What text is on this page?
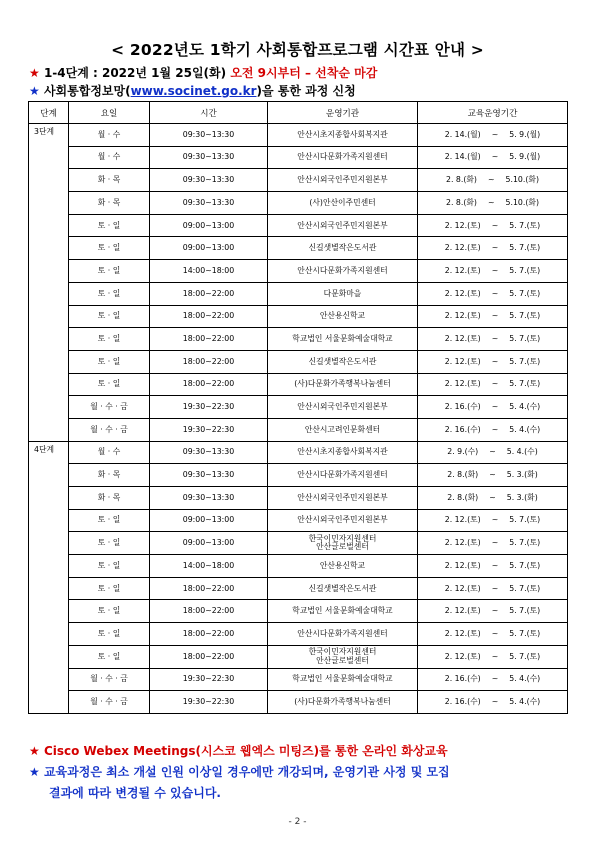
< 2022년도 1학기 사회통합프로그램 시간표 안내 >
★ 1-4단계 : 2022년 1월 25일(화) 오전 9시부터 – 선착순 마감
★ 사회통합정보망(www.socinet.go.kr)을 통한 과정 신청
단계	요일	시간	운영기관	교육운영기간
3단계	월 · 수	09:30~13:30	안산시초지종합사회복지관	2. 14.(월) ~ 5. 9.(월)
	월 · 수	09:30~13:30	안산시다문화가족지원센터	2. 14.(월) ~ 5. 9.(월)
	화 · 목	09:30~13:30	안산시외국인주민지원본부	2. 8.(화) ~ 5.10.(화)
	화 · 목	09:30~13:30	(사)안산이주민센터	2. 8.(화) ~ 5.10.(화)
	토 · 일	09:00~13:00	안산시외국인주민지원본부	2. 12.(토) ~ 5. 7.(토)
	토 · 일	09:00~13:00	신길샛별작은도서관	2. 12.(토) ~ 5. 7.(토)
	토 · 일	14:00~18:00	안산시다문화가족지원센터	2. 12.(토) ~ 5. 7.(토)
	토 · 일	18:00~22:00	다문화마을	2. 12.(토) ~ 5. 7.(토)
	토 · 일	18:00~22:00	안산용신학교	2. 12.(토) ~ 5. 7.(토)
	토 · 일	18:00~22:00	학교법인 서울문화예술대학교	2. 12.(토) ~ 5. 7.(토)
	토 · 일	18:00~22:00	신길샛별작은도서관	2. 12.(토) ~ 5. 7.(토)
	토 · 일	18:00~22:00	(사)다문화가족행복나눔센터	2. 12.(토) ~ 5. 7.(토)
	월 · 수 · 금	19:30~22:30	안산시외국인주민지원본부	2. 16.(수) ~ 5. 4.(수)
	월 · 수 · 금	19:30~22:30	안산시고려인문화센터	2. 16.(수) ~ 5. 4.(수)
4단계	월 · 수	09:30~13:30	안산시초지종합사회복지관	2. 9.(수) ~ 5. 4.(수)
	화 · 목	09:30~13:30	안산시다문화가족지원센터	2. 8.(화) ~ 5. 3.(화)
	화 · 목	09:30~13:30	안산시외국인주민지원본부	2. 8.(화) ~ 5. 3.(화)
	토 · 일	09:00~13:00	안산시외국인주민지원본부	2. 12.(토) ~ 5. 7.(토)
	토 · 일	09:00~13:00	한국이민자지원센터
안산글로벌센터	2. 12.(토) ~ 5. 7.(토)
	토 · 일	14:00~18:00	안산용신학교	2. 12.(토) ~ 5. 7.(토)
	토 · 일	18:00~22:00	신길샛별작은도서관	2. 12.(토) ~ 5. 7.(토)
	토 · 일	18:00~22:00	학교법인 서울문화예술대학교	2. 12.(토) ~ 5. 7.(토)
	토 · 일	18:00~22:00	안산시다문화가족지원센터	2. 12.(토) ~ 5. 7.(토)
	토 · 일	18:00~22:00	한국이민자지원센터
안산글로벌센터	2. 12.(토) ~ 5. 7.(토)
	월 · 수 · 금	19:30~22:30	학교법인 서울문화예술대학교	2. 16.(수) ~ 5. 4.(수)
	월 · 수 · 금	19:30~22:30	(사)다문화가족행복나눔센터	2. 16.(수) ~ 5. 4.(수)
★ Cisco Webex Meetings(시스코 웹엑스 미팅즈)를 통한 온라인 화상교육
★ 교육과정은 최소 개설 인원 이상일 경우에만 개강되며, 운영기관 사정 및 모집
결과에 따라 변경될 수 있습니다.
- 2 -
